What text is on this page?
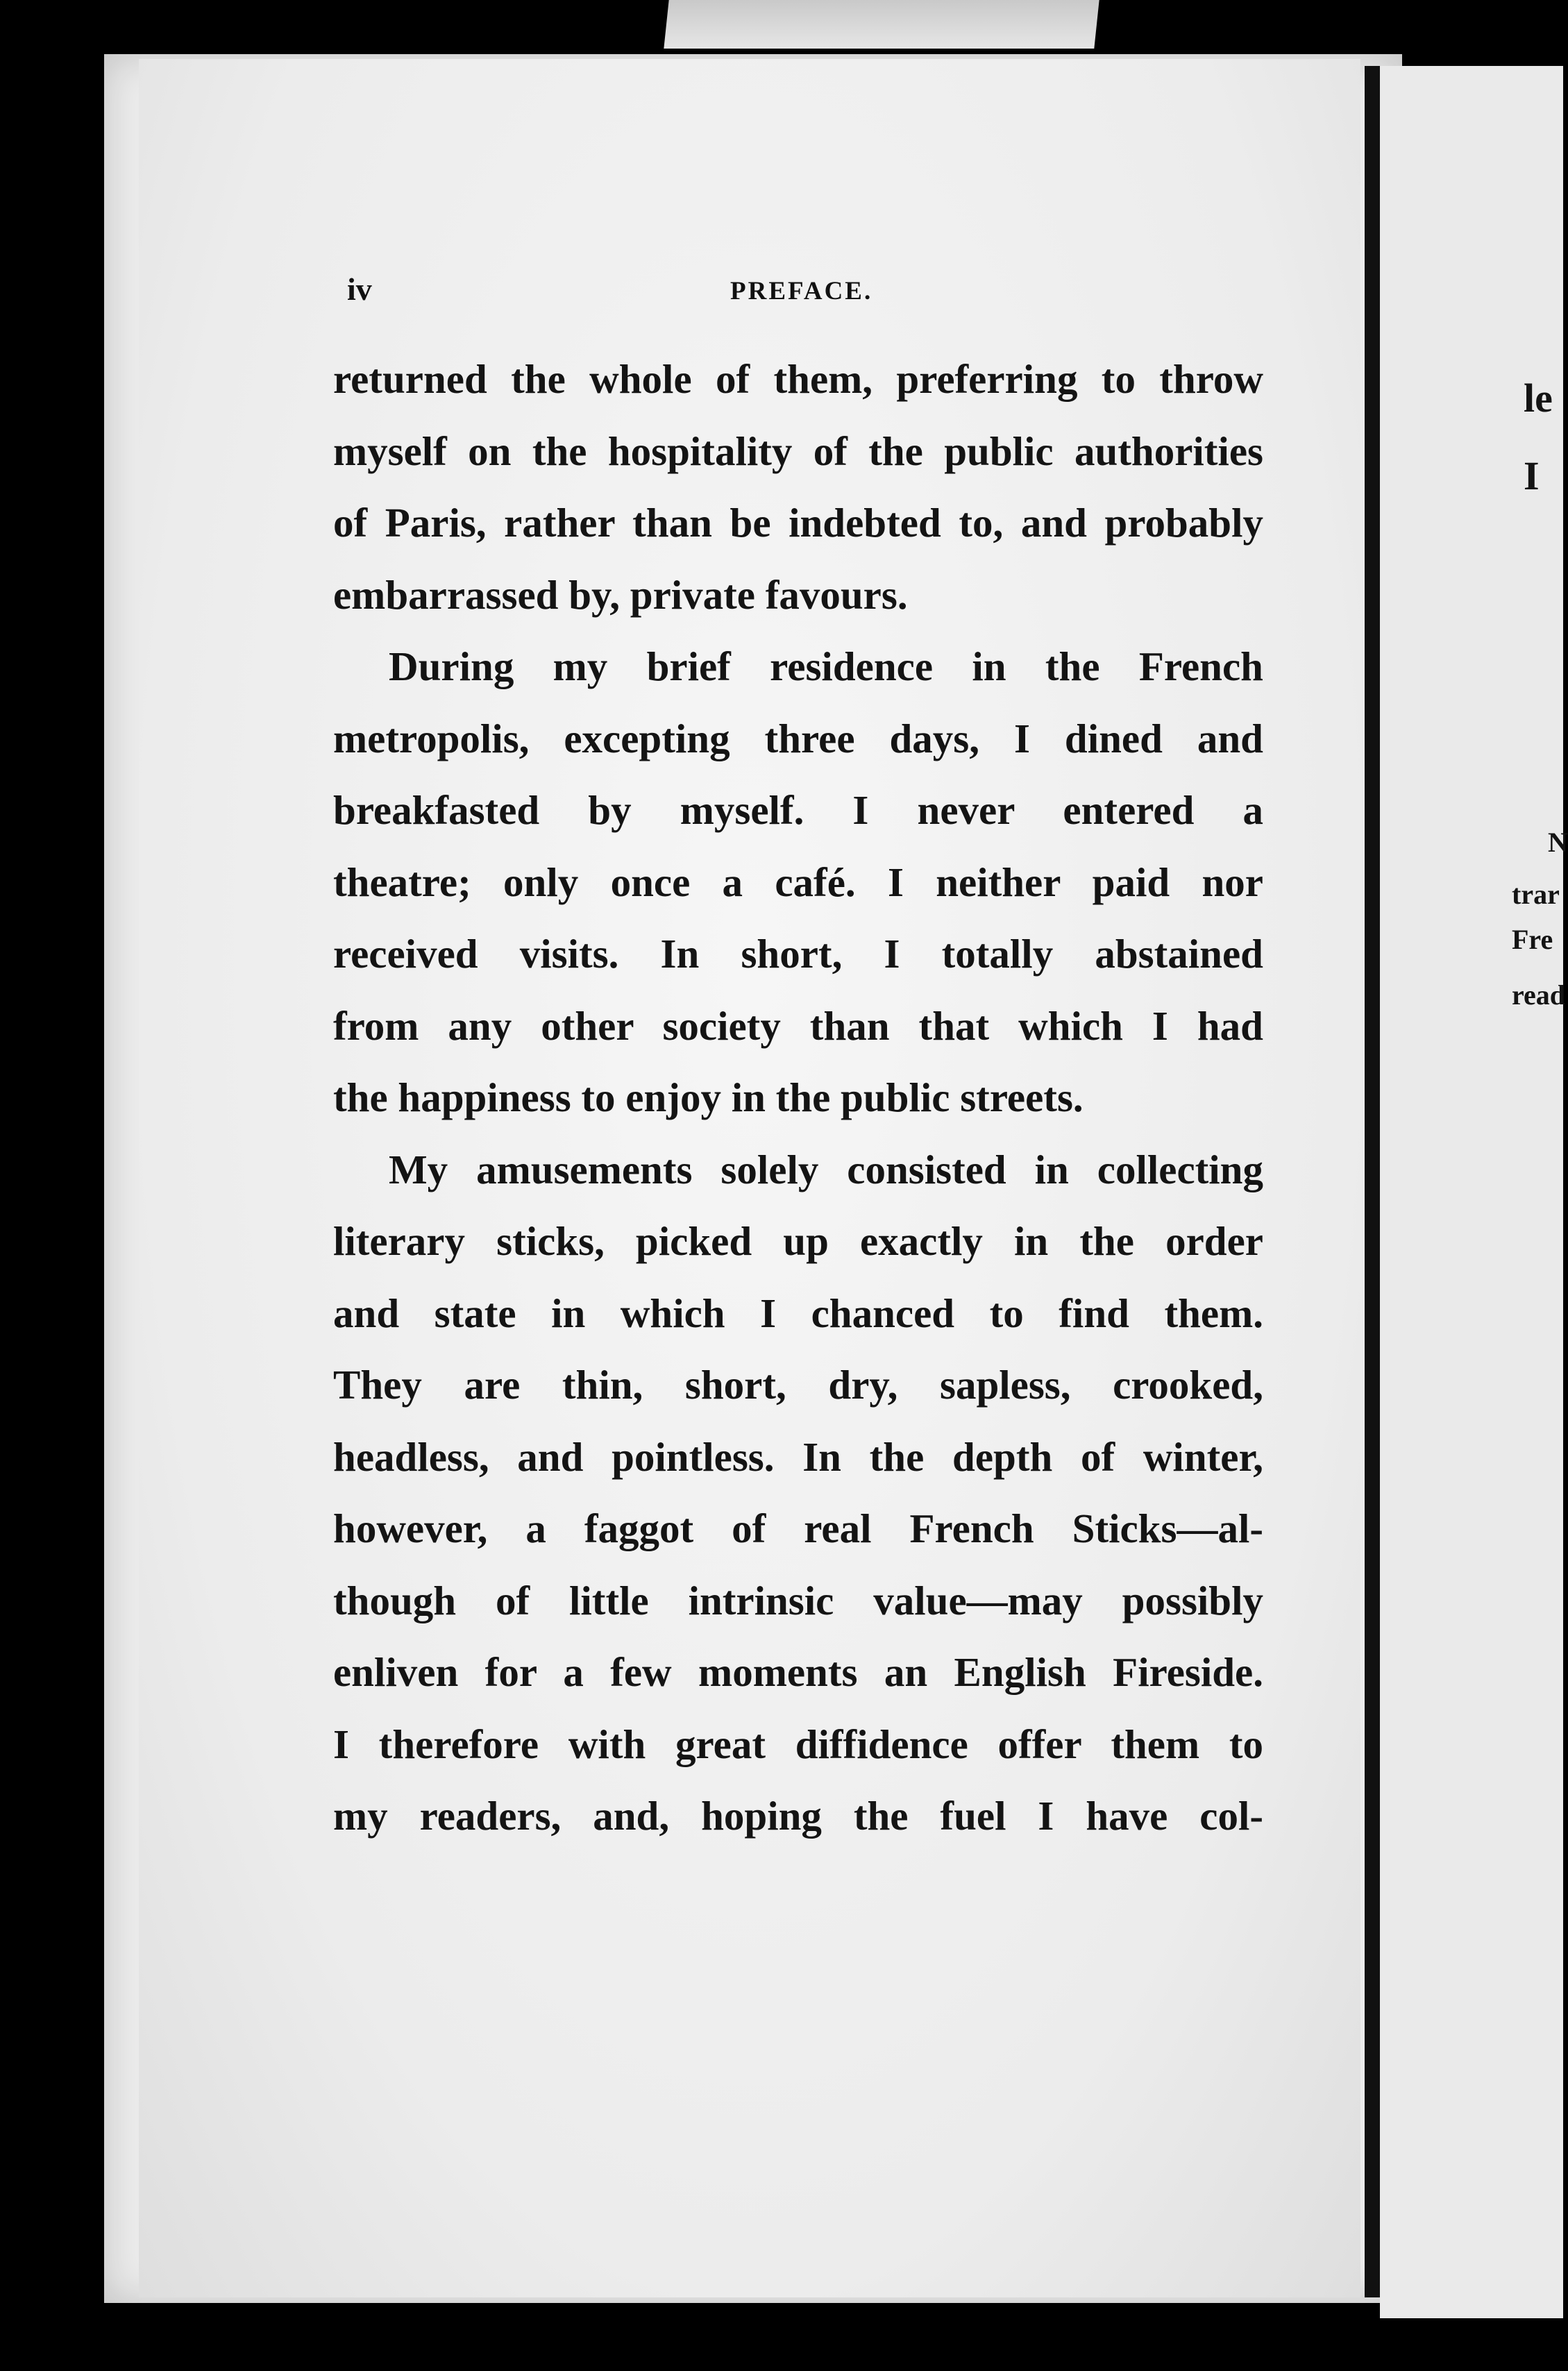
iv	PREFACE.

returned the whole of them, preferring to throw

myself on the hospitality of the public authorities

of Paris, rather than be indebted to, and probably

embarrassed by, private favours.

During my brief residence in the French

metropolis, excepting three days, I dined and

breakfasted by myself. I never entered a

theatre; only once a café. I neither paid nor

received visits. In short, I totally abstained

from any other society than that which I had

the happiness to enjoy in the public streets.

My amusements solely consisted in collecting

literary sticks, picked up exactly in the order

and state in which I chanced to find them.

They are thin, short, dry, sapless, crooked,

headless, and pointless. In the depth of winter,

however, a faggot of real French Sticks—al-

though of little intrinsic value—may possibly

enliven for a few moments an English Fireside.

I therefore with great diffidence offer them to

my readers, and, hoping the fuel I have col-

le
I
N
trar
Fre
read
